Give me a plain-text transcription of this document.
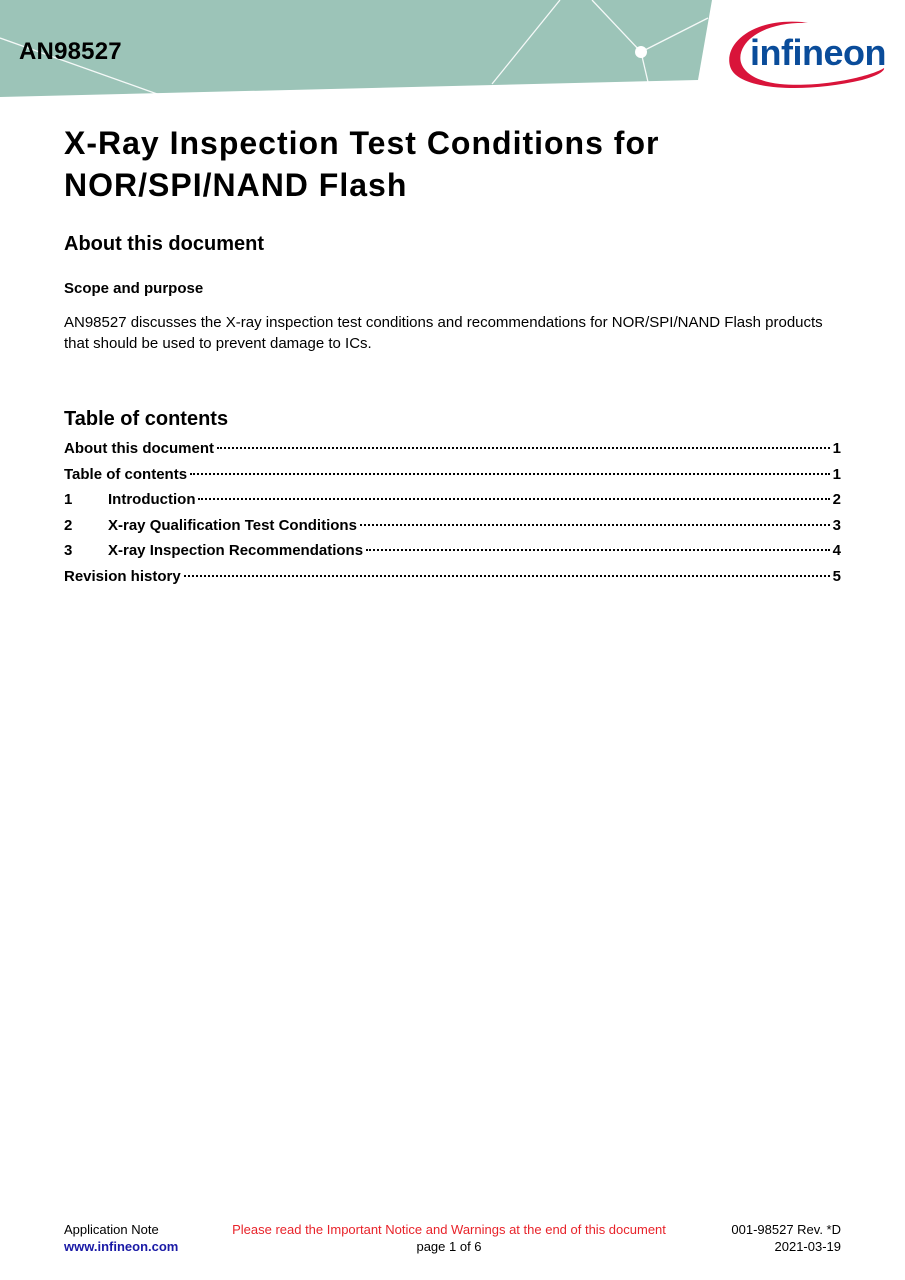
AN98527	infineon
X-Ray Inspection Test Conditions for
NOR/SPI/NAND Flash
About this document
Scope and purpose
AN98527 discusses the X-ray inspection test conditions and recommendations for NOR/SPI/NAND Flash products that should be used to prevent damage to ICs.
Table of contents
About this document	1
Table of contents	1
1	Introduction	2
2	X-ray Qualification Test Conditions	3
3	X-ray Inspection Recommendations	4
Revision history	5
Application Note
www.infineon.com
Please read the Important Notice and Warnings at the end of this document
page 1 of 6
001-98527 Rev. *D
2021-03-19
